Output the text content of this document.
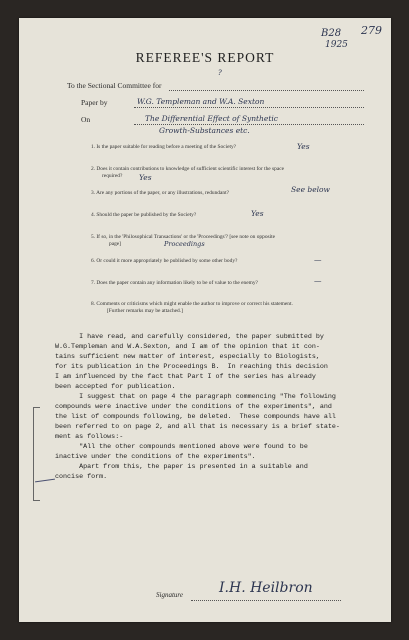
B28 279
1925
REFEREE'S REPORT
To the Sectional Committee for
?
Paper by	W.G. Templeman and W.A. Sexton
On	The Differential Effect of Synthetic
Growth-Substances etc.
1. Is the paper suitable for reading before a meeting of the Society?	Yes
2. Does it contain contributions to knowledge of sufficient scientific interest for the space
required? Yes
3. Are any portions of the paper, or any illustrations, redundant?	See below
4. Should the paper be published by the Society?	Yes
5. If so, in the 'Philosophical Transactions' or the 'Proceedings'? [see note on opposite
page]	Proceedings
6. Or could it more appropriately be published by some other body?	—
7. Does the paper contain any information likely to be of value to the enemy?	—
8. Comments or criticisms which might enable the author to improve or correct his statement.
[Further remarks may be attached.]

I have read, and carefully considered, the paper submitted by

W.G.Templeman and W.A.Sexton, and I am of the opinion that it con-

tains sufficient new matter of interest, especially to Biologists,

for its publication in the Proceedings B.  In reaching this decision

I am influenced by the fact that Part I of the series has already

been accepted for publication.

I suggest that on page 4 the paragraph commencing "The following

compounds were inactive under the conditions of the experiments", and

the list of compounds following, be deleted.  These compounds have all

been referred to on page 2, and all that is necessary is a brief state-

ment as follows:-

"All the other compounds mentioned above were found to be

inactive under the conditions of the experiments".

Apart from this, the paper is presented in a suitable and

concise form.

Signature	I.H. Heilbron
